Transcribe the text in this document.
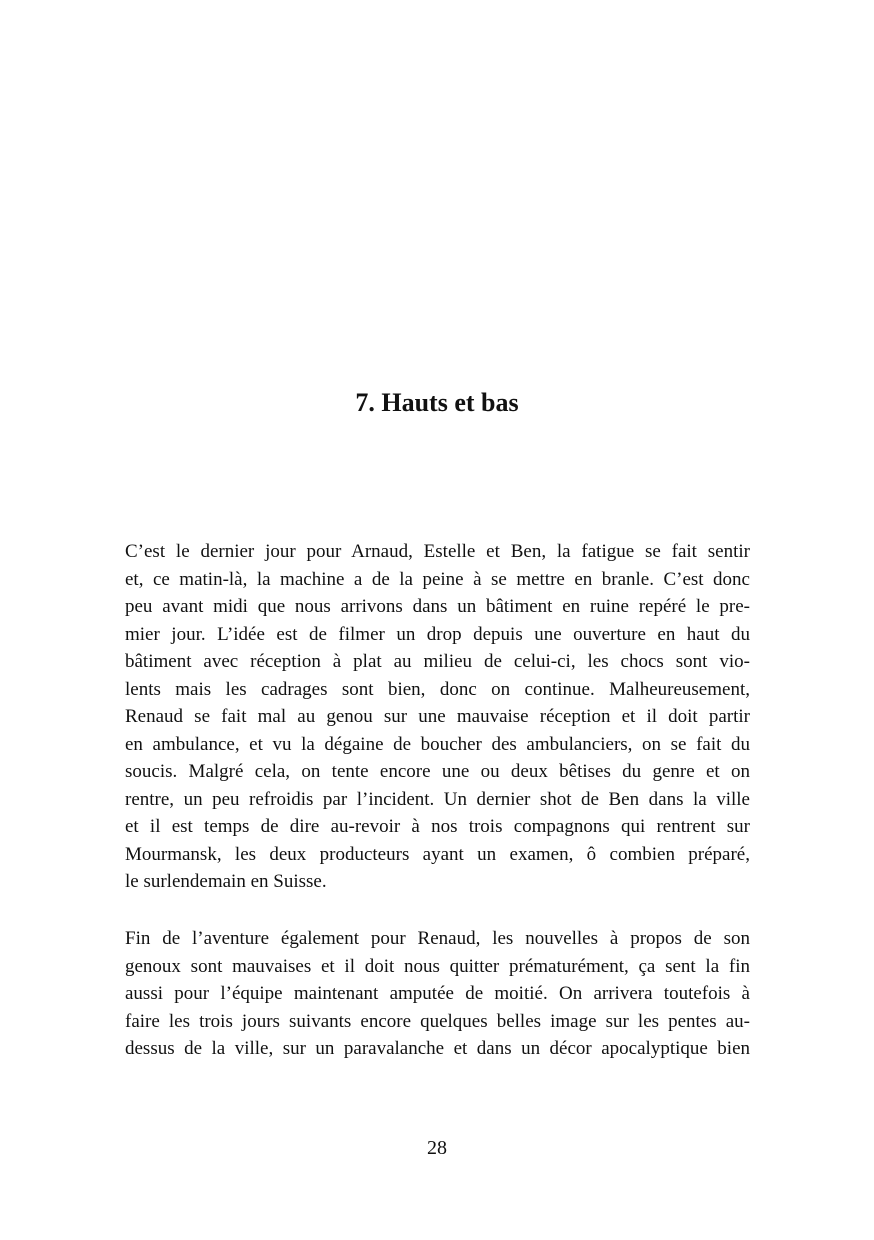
7. Hauts et bas
C’est le dernier jour pour Arnaud, Estelle et Ben, la fatigue se fait sentir
et, ce matin-là, la machine a de la peine à se mettre en branle. C’est donc
peu avant midi que nous arrivons dans un bâtiment en ruine repéré le pre-
mier jour. L’idée est de filmer un drop depuis une ouverture en haut du
bâtiment avec réception à plat au milieu de celui-ci, les chocs sont vio-
lents mais les cadrages sont bien, donc on continue. Malheureusement,
Renaud se fait mal au genou sur une mauvaise réception et il doit partir
en ambulance, et vu la dégaine de boucher des ambulanciers, on se fait du
soucis. Malgré cela, on tente encore une ou deux bêtises du genre et on
rentre, un peu refroidis par l’incident. Un dernier shot de Ben dans la ville
et il est temps de dire au-revoir à nos trois compagnons qui rentrent sur
Mourmansk, les deux producteurs ayant un examen, ô combien préparé,
le surlendemain en Suisse.
Fin de l’aventure également pour Renaud, les nouvelles à propos de son
genoux sont mauvaises et il doit nous quitter prématurément, ça sent la fin
aussi pour l’équipe maintenant amputée de moitié. On arrivera toutefois à
faire les trois jours suivants encore quelques belles image sur les pentes au-
dessus de la ville, sur un paravalanche et dans un décor apocalyptique bien
28
